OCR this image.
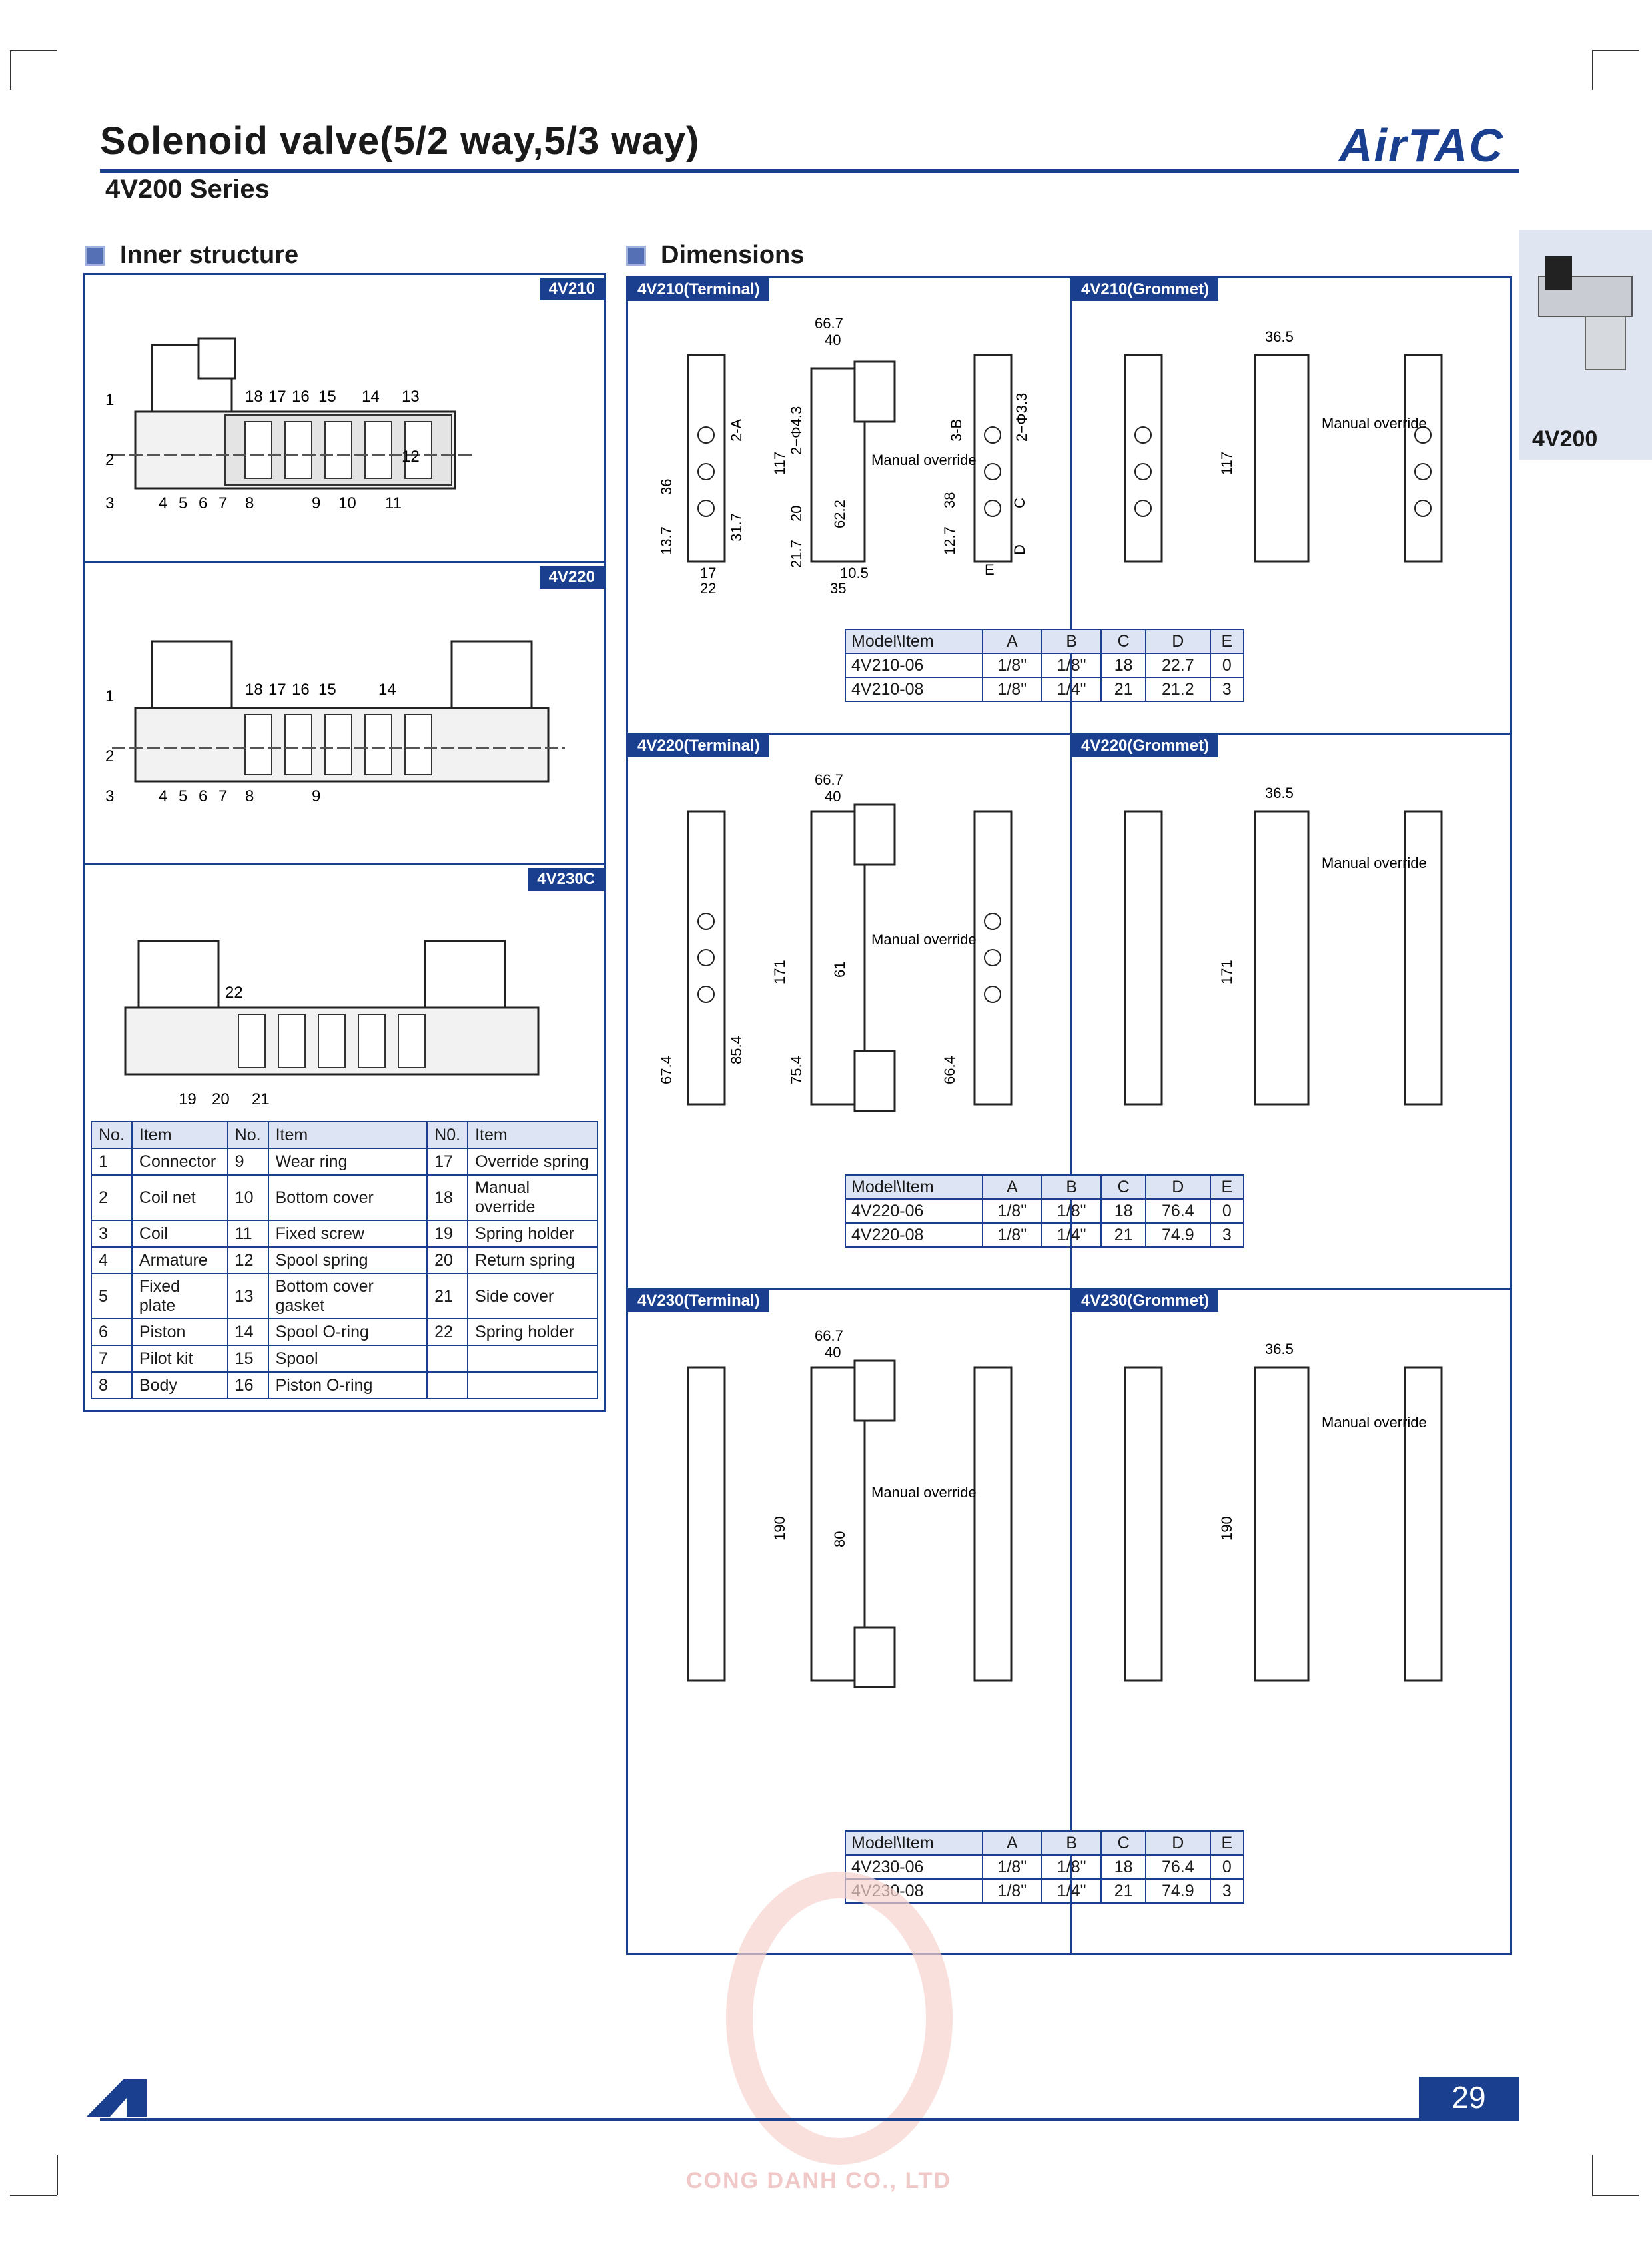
Solenoid valve(5/2 way,5/3 way)
4V200 Series
AirTAC
4V200
Inner structure
4V210
4V220
4V230C
1
2
3	4 5 6 7 8	9 10 11
12
13
14
15
16
17
18
1
2
3	4 5 6 7 8	9
14
15
16
17
18
19 20 21
22
No.	Item	No.	Item	N0.	Item
1	Connector	9	Wear ring	17	Override spring
2	Coil net	10	Bottom cover	18	Manual override
3	Coil	11	Fixed screw	19	Spring holder
4	Armature	12	Spool spring	20	Return spring
5	Fixed plate	13	Bottom cover gasket	21	Side cover
6	Piston	14	Spool O-ring	22	Spring holder
7	Pilot kit	15	Spool		
8	Body	16	Piston O-ring		
Dimensions
4V210(Terminal)	4V210(Grommet)
4V220(Terminal)	4V220(Grommet)
4V230(Terminal)	4V230(Grommet)
66.7
40
117
20
21.7
62.2
36
13.7	31.7
38
12.7
17
22
10.5
35
2-A	3-B
C
D
E
2−Φ4.3	2−Φ3.3
Manual override
36.5
117
Manual override
Model\Item	A	B	C	D	E
4V210-06	1/8"	1/8"	18	22.7	0
4V210-08	1/8"	1/4"	21	21.2	3
66.7
40
171	61
67.4
85.4
75.4	66.4
Manual override
36.5
171
Manual override
Model\Item	A	B	C	D	E
4V220-06	1/8"	1/8"	18	76.4	0
4V220-08	1/8"	1/4"	21	74.9	3
66.7
40
190	80
Manual override
36.5
190
Manual override
Model\Item	A	B	C	D	E
4V230-06	1/8"	1/8"	18	76.4	0
4V230-08	1/8"	1/4"	21	74.9	3
CONG DANH CO., LTD
29
